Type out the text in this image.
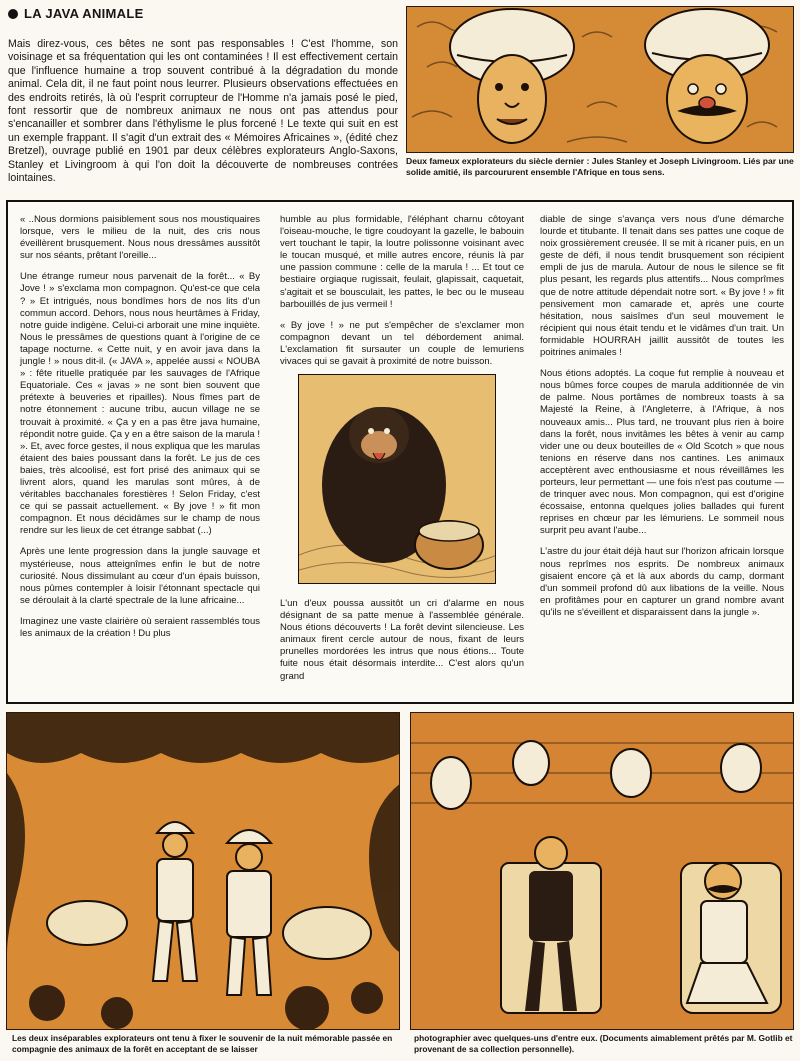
LA JAVA ANIMALE
Mais direz-vous, ces bêtes ne sont pas responsables ! C'est l'homme, son voisinage et sa fréquentation qui les ont contaminées ! Il est effectivement certain que l'influence humaine a trop souvent contribué à la dégradation du monde animal. Cela dit, il ne faut point nous leurrer. Plusieurs observations effectuées en des endroits retirés, là où l'esprit corrupteur de l'Homme n'a jamais posé le pied, font ressortir que de nombreux animaux ne nous ont pas attendus pour s'encanailler et sombrer dans l'éthylisme le plus forcené ! Le texte qui suit en est un exemple frappant. Il s'agit d'un extrait des « Mémoires Africaines », (édité chez Bretzel), ouvrage publié en 1901 par deux célèbres explorateurs Anglo-Saxons, Stanley et Livingroom à qui l'on doit la découverte de nombreuses contrées lointaines.
Deux fameux explorateurs du siècle dernier : Jules Stanley et Joseph Livingroom. Liés par une solide amitié, ils parcoururent ensemble l'Afrique en tous sens.

« ..Nous dormions paisiblement sous nos moustiquaires lorsque, vers le milieu de la nuit, des cris nous éveillèrent brusquement. Nous nous dressâmes aussitôt sur nos séants, prêtant l'oreille...

Une étrange rumeur nous parvenait de la forêt... « By Jove ! » s'exclama mon compagnon. Qu'est-ce que cela ? » Et intrigués, nous bondîmes hors de nos lits d'un commun accord. Dehors, nous nous heurtâmes à Friday, notre guide indigène. Celui-ci arborait une mine inquiète. Nous le pressâmes de questions quant à l'origine de ce tapage nocturne. « Cette nuit, y en avoir java dans la jungle ! » nous dit-il. (« JAVA », appelée aussi « NOUBA » : fête rituelle pratiquée par les sauvages de l'Afrique Equatoriale. Ces « javas » ne sont bien souvent que prétexte à beuveries et ripailles). Nous fîmes part de notre étonnement : aucune tribu, aucun village ne se trouvait à proximité. « Ça y en a pas être java humaine, répondit notre guide. Ça y en a être saison de la marula ! ». Et, avec force gestes, il nous expliqua que les marulas étaient des baies poussant dans la forêt. Le jus de ces baies, très alcoolisé, est fort prisé des animaux qui se livrent alors, quand les marulas sont mûres, à de véritables bacchanales forestières ! Selon Friday, c'est ce qui se passait actuellement. « By jove ! » fit mon compagnon. Et nous décidâmes sur le champ de nous rendre sur les lieux de cet étrange sabbat (...)

Après une lente progression dans la jungle sauvage et mystérieuse, nous atteignîmes enfin le but de notre curiosité. Nous dissimulant au cœur d'un épais buisson, nous pûmes contempler à loisir l'étonnant spectacle qui se déroulait à la clarté spectrale de la lune africaine...

Imaginez une vaste clairière où seraient rassemblés tous les animaux de la création ! Du plus

humble au plus formidable, l'éléphant charnu côtoyant l'oiseau-mouche, le tigre coudoyant la gazelle, le babouin vert touchant le tapir, la loutre polissonne voisinant avec le toucan musqué, et mille autres encore, réunis là par une passion commune : celle de la marula ! ... Et tout ce bestiaire orgiaque rugissait, feulait, glapissait, caquetait, s'agitait et se bousculait, les pattes, le bec ou le museau barbouillés de jus vermeil !

« By jove ! » ne put s'empêcher de s'exclamer mon compagnon devant un tel débordement animal. L'exclamation fit sursauter un couple de lemuriens vivaces qui se gavait à proximité de notre buisson.

L'un d'eux poussa aussitôt un cri d'alarme en nous désignant de sa patte menue à l'assemblée générale. Nous étions découverts ! La forêt devint silencieuse. Les animaux firent cercle autour de nous, fixant de leurs prunelles mordorées les intrus que nous étions... Toute fuite nous était désormais interdite... C'est alors qu'un grand

diable de singe s'avança vers nous d'une démarche lourde et titubante. Il tenait dans ses pattes une coque de noix grossièrement creusée. Il se mit à ricaner puis, en un geste de défi, il nous tendit brusquement son récipient empli de jus de marula. Autour de nous le silence se fit plus pesant, les regards plus attentifs... Nous comprîmes que de notre attitude dépendait notre sort. « By jove ! » fit pensivement mon camarade et, après une courte hésitation, nous saisîmes d'un seul mouvement le récipient qui nous était tendu et le vidâmes d'un trait. Un formidable HOURRAH jaillit aussitôt de toutes les poitrines animales !

Nous étions adoptés. La coque fut remplie à nouveau et nous bûmes force coupes de marula additionnée de vin de palme. Nous portâmes de nombreux toasts à sa Majesté la Reine, à l'Angleterre, à l'Afrique, à nos nouveaux amis... Plus tard, ne trouvant plus rien à boire dans la forêt, nous invitâmes les bêtes à venir au camp vider une ou deux bouteilles de « Old Scotch » que nous tenions en réserve dans nos cantines. Les animaux acceptèrent avec enthousiasme et nous réveillâmes les porteurs, leur permettant — une fois n'est pas coutume — de trinquer avec nous. Mon compagnon, qui est d'origine écossaise, entonna quelques jolies ballades qui furent reprises en chœur par les lémuriens. Le sommeil nous surprit peu avant l'aube...

L'astre du jour était déjà haut sur l'horizon africain lorsque nous reprîmes nos esprits. De nombreux animaux gisaient encore çà et là aux abords du camp, dormant d'un sommeil profond dû aux libations de la veille. Nous en profitâmes pour en capturer un grand nombre avant qu'ils ne s'éveillent et disparaissent dans la jungle ».

Les deux inséparables explorateurs ont tenu à fixer le souvenir de la nuit mémorable passée en compagnie des animaux de la forêt en acceptant de se laisser
photographier avec quelques-uns d'entre eux. (Documents aimablement prêtés par M. Gotlib et provenant de sa collection personnelle).
